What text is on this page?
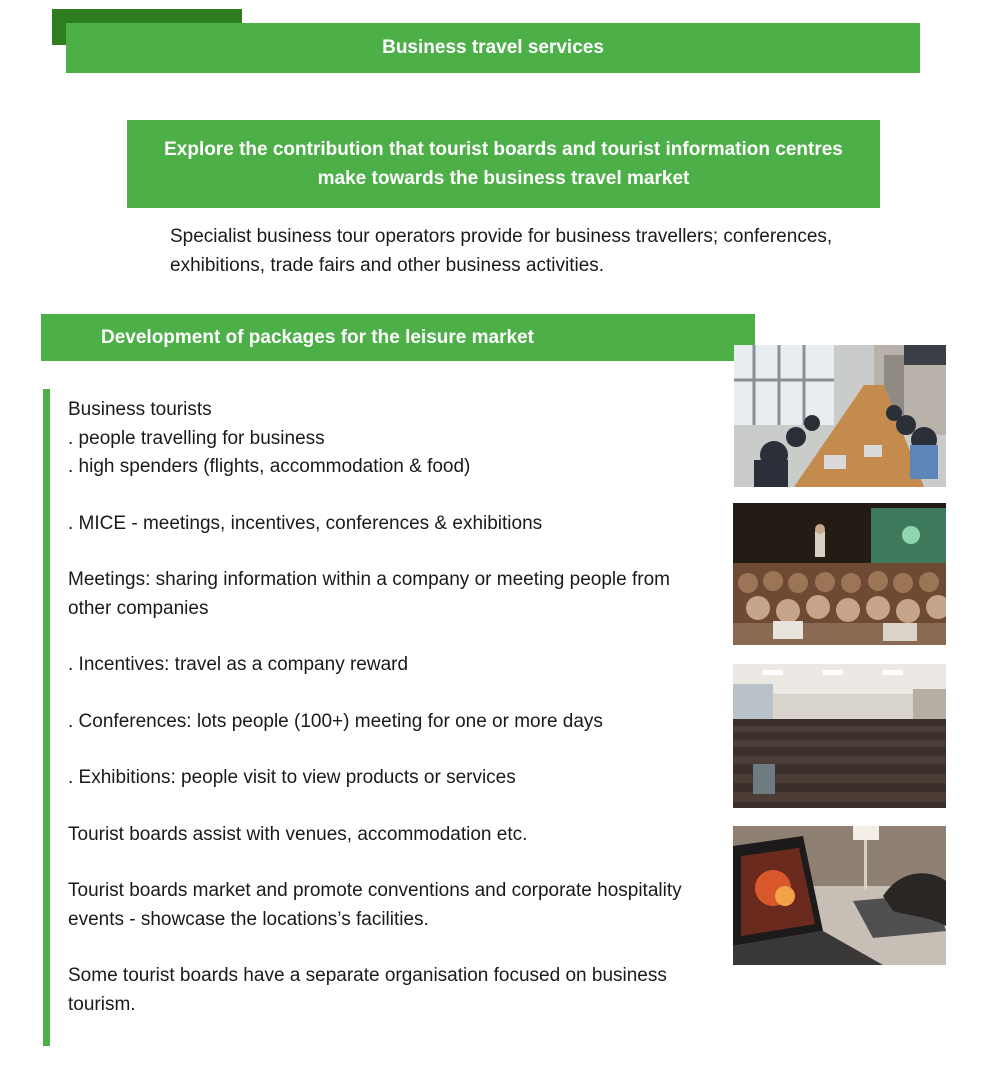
Business travel services

Explore the contribution that tourist boards and tourist information centres make towards the business travel market

Specialist business tour operators provide for business travellers; conferences, exhibitions, trade fairs and other business activities.

Development of packages for the leisure market

Business tourists

. people travelling for business

. high spenders (flights, accommodation & food)

. MICE - meetings, incentives, conferences & exhibitions

Meetings: sharing information within a company or meeting people from other companies

. Incentives: travel as a company reward

. Conferences: lots people (100+) meeting for one or more days

. Exhibitions: people visit to view products or services

Tourist boards assist with venues, accommodation etc.

Tourist boards market and promote conventions and corporate hospitality events - showcase the locations’s facilities.

Some tourist boards have a separate organisation focused on business tourism.
